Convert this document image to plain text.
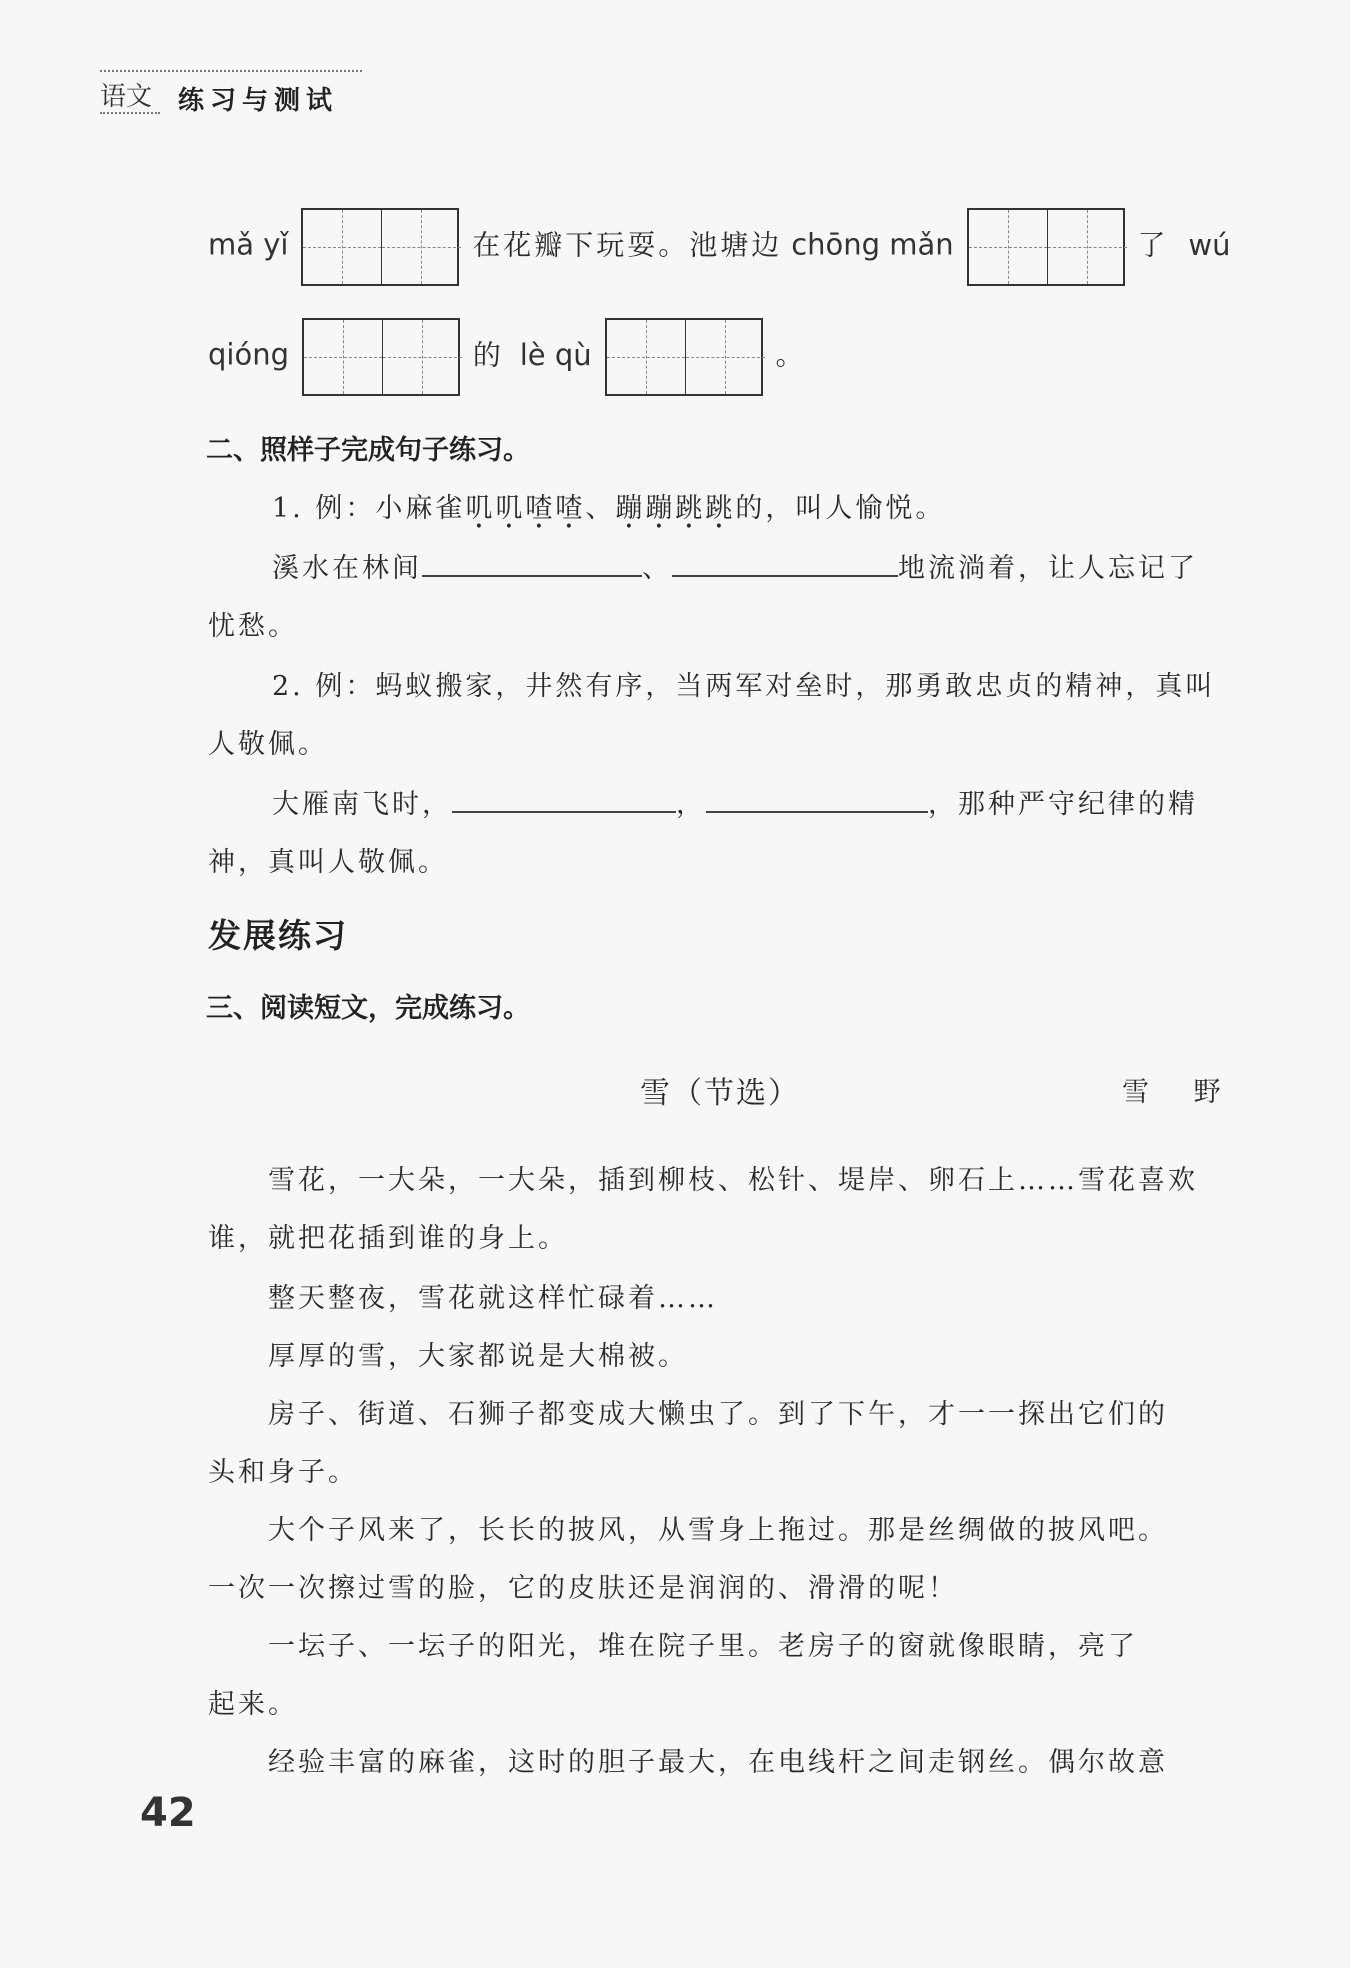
语文 练习与测试
mǎ yǐ	在花瓣下玩耍。池塘边 chōng mǎn	了 wú
qióng	的 lè qù	。
二、照样子完成句子练习。
1. 例：小麻雀叽叽喳喳、蹦蹦跳跳的，叫人愉悦。
溪水在林间	、	地流淌着，让人忘记了
忧愁。
2. 例：蚂蚁搬家，井然有序，当两军对垒时，那勇敢忠贞的精神，真叫
人敬佩。
大雁南飞时，	，	，那种严守纪律的精
神，真叫人敬佩。
发展练习
三、阅读短文，完成练习。
雪（节选）	雪 野
　　雪花，一大朵，一大朵，插到柳枝、松针、堤岸、卵石上……雪花喜欢
谁，就把花插到谁的身上。
　　整天整夜，雪花就这样忙碌着……
　　厚厚的雪，大家都说是大棉被。
　　房子、街道、石狮子都变成大懒虫了。到了下午，才一一探出它们的
头和身子。
　　大个子风来了，长长的披风，从雪身上拖过。那是丝绸做的披风吧。
一次一次擦过雪的脸，它的皮肤还是润润的、滑滑的呢！
　　一坛子、一坛子的阳光，堆在院子里。老房子的窗就像眼睛，亮了
起来。
　　经验丰富的麻雀，这时的胆子最大，在电线杆之间走钢丝。偶尔故意
42
